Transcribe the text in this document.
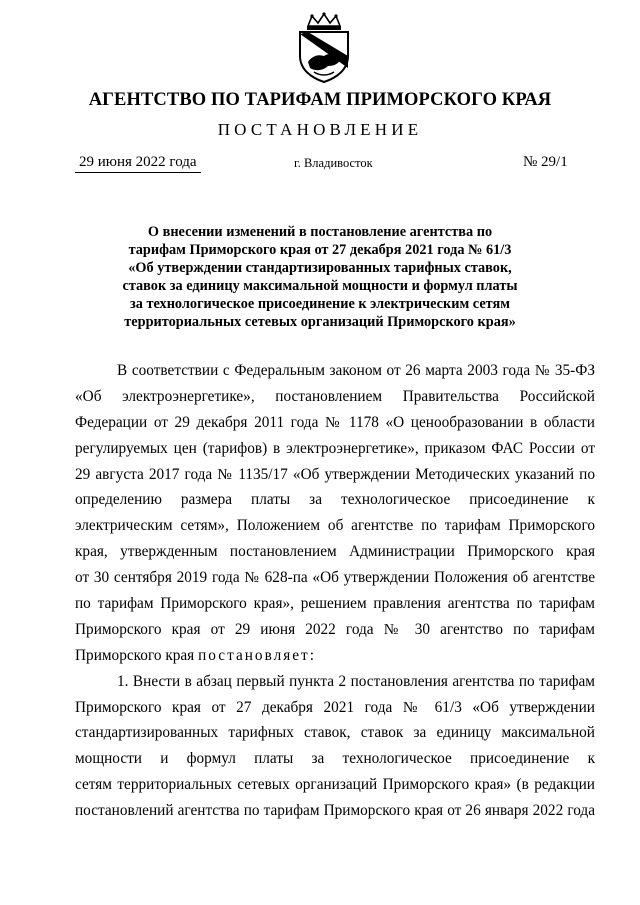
АГЕНТСТВО ПО ТАРИФАМ ПРИМОРСКОГО КРАЯ
ПОСТАНОВЛЕНИЕ
29 июня 2022 года	г. Владивосток	№ 29/1
О внесении изменений в постановление агентства по
тарифам Приморского края от 27 декабря 2021 года № 61/3
«Об утверждении стандартизированных тарифных ставок,
ставок за единицу максимальной мощности и формул платы
за технологическое присоединение к электрическим сетям
территориальных сетевых организаций Приморского края»
В соответствии с Федеральным законом от 26 марта 2003 года № 35-ФЗ
«Об электроэнергетике», постановлением Правительства Российской
Федерации от 29 декабря 2011 года № 1178 «О ценообразовании в области
регулируемых цен (тарифов) в электроэнергетике», приказом ФАС России от
29 августа 2017 года № 1135/17 «Об утверждении Методических указаний по
определению размера платы за технологическое присоединение к
электрическим сетям», Положением об агентстве по тарифам Приморского
края, утвержденным постановлением Администрации Приморского края
от 30 сентября 2019 года № 628-па «Об утверждении Положения об агентстве
по тарифам Приморского края», решением правления агентства по тарифам
Приморского края от 29 июня 2022 года № 30 агентство по тарифам
Приморского края постановляет:
1. Внести в абзац первый пункта 2 постановления агентства по тарифам
Приморского края от 27 декабря 2021 года № 61/3 «Об утверждении
стандартизированных тарифных ставок, ставок за единицу максимальной
мощности и формул платы за технологическое присоединение к
сетям территориальных сетевых организаций Приморского края» (в редакции
постановлений агентства по тарифам Приморского края от 26 января 2022 года
